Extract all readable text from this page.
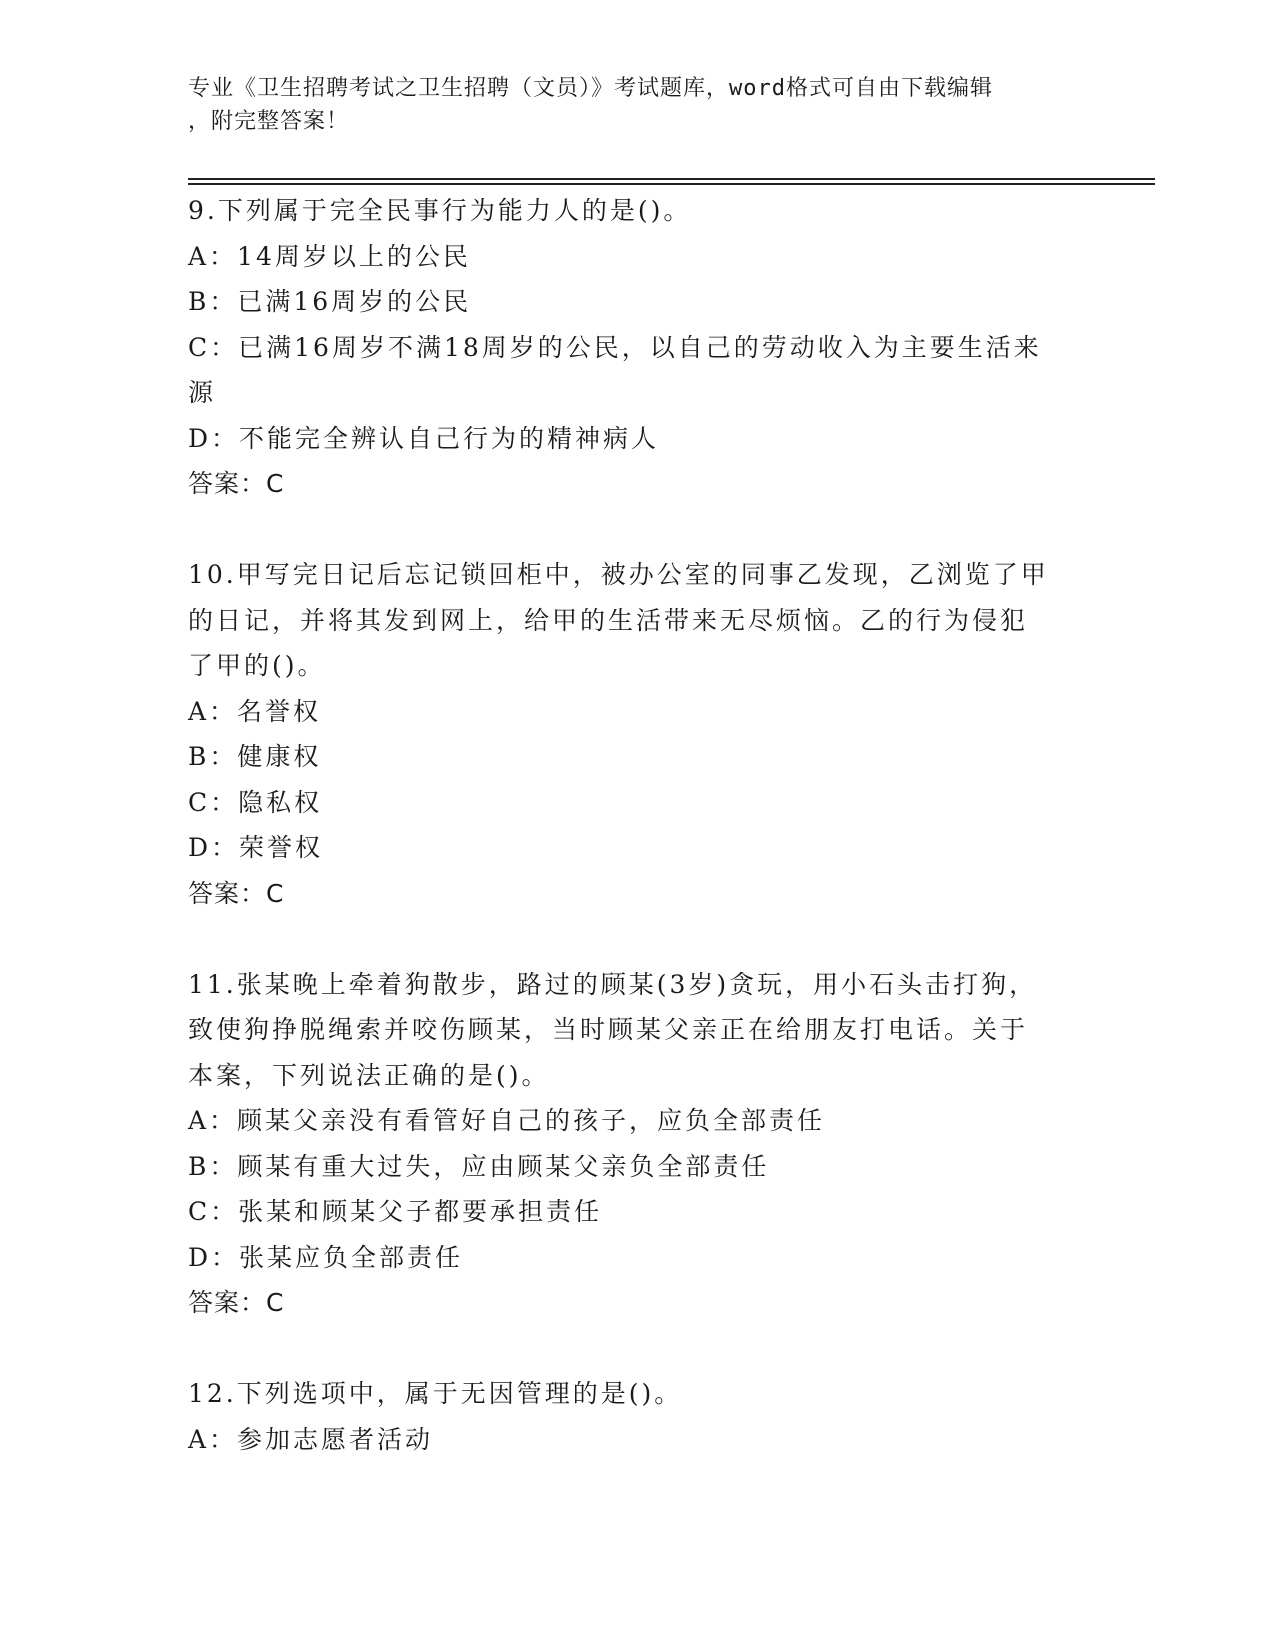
专业《卫生招聘考试之卫生招聘（文员）》考试题库，word格式可自由下载编辑
，附完整答案！
9.下列属于完全民事行为能力人的是()。
A：14周岁以上的公民
B：已满16周岁的公民
C：已满16周岁不满18周岁的公民，以自己的劳动收入为主要生活来
源
D：不能完全辨认自己行为的精神病人
答案：C
10.甲写完日记后忘记锁回柜中，被办公室的同事乙发现，乙浏览了甲
的日记，并将其发到网上，给甲的生活带来无尽烦恼。乙的行为侵犯
了甲的()。
A：名誉权
B：健康权
C：隐私权
D：荣誉权
答案：C
11.张某晚上牵着狗散步，路过的顾某(3岁)贪玩，用小石头击打狗，
致使狗挣脱绳索并咬伤顾某，当时顾某父亲正在给朋友打电话。关于
本案，下列说法正确的是()。
A：顾某父亲没有看管好自己的孩子，应负全部责任
B：顾某有重大过失，应由顾某父亲负全部责任
C：张某和顾某父子都要承担责任
D：张某应负全部责任
答案：C
12.下列选项中，属于无因管理的是()。
A：参加志愿者活动
